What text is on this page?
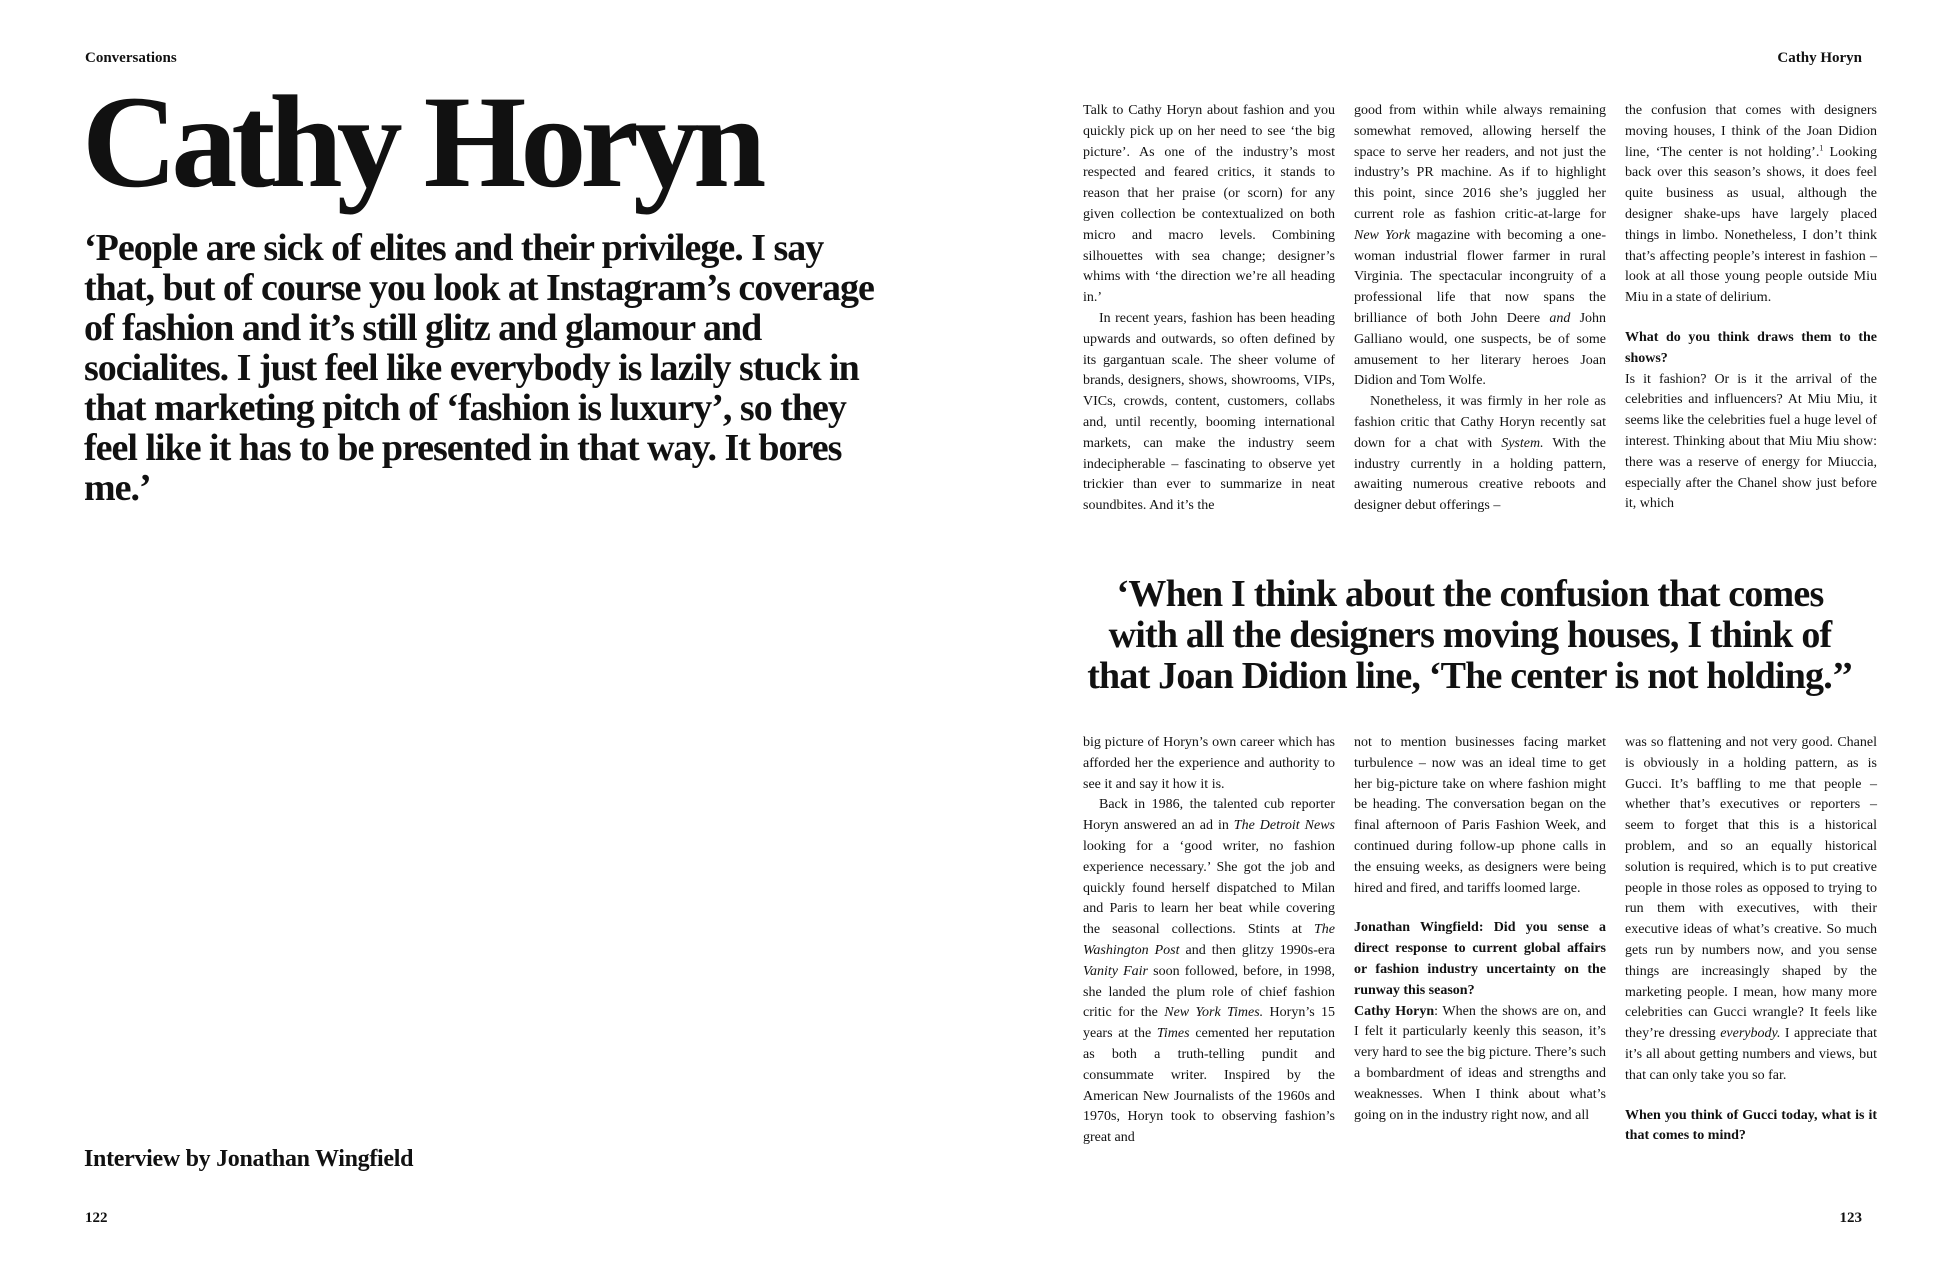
Conversations	Cathy Horyn
Cathy Horyn
‘People are sick of elites and their privilege. I say that, but of course you look at Instagram’s coverage of fashion and it’s still glitz and glamour and socialites. I just feel like everybody is lazily stuck in that marketing pitch of ‘fashion is luxury’, so they feel like it has to be presented in that way. It bores me.’
Interview by Jonathan Wingfield
122

Talk to Cathy Horyn about fashion and you quickly pick up on her need to see ‘the big picture’. As one of the industry’s most respected and feared critics, it stands to reason that her praise (or scorn) for any given collection be contextualized on both micro and macro levels. Combining silhouettes with sea change; designer’s whims with ‘the direction we’re all heading in.’

In recent years, fashion has been heading upwards and outwards, so often defined by its gargantuan scale. The sheer volume of brands, designers, shows, showrooms, VIPs, VICs, crowds, content, customers, collabs and, until recently, booming international markets, can make the industry seem indecipherable – fascinating to observe yet trickier than ever to summarize in neat soundbites. And it’s the

good from within while always remaining somewhat removed, allowing herself the space to serve her readers, and not just the industry’s PR machine. As if to highlight this point, since 2016 she’s juggled her current role as fashion critic-at-large for New York magazine with becoming a one-woman industrial flower farmer in rural Virginia. The spectacular incongruity of a professional life that now spans the brilliance of both John Deere and John Galliano would, one suspects, be of some amusement to her literary heroes Joan Didion and Tom Wolfe.

Nonetheless, it was firmly in her role as fashion critic that Cathy Horyn recently sat down for a chat with System. With the industry currently in a holding pattern, awaiting numerous creative reboots and designer debut offerings –

the confusion that comes with designers moving houses, I think of the Joan Didion line, ‘The center is not holding’.$^1$ Looking back over this season’s shows, it does feel quite business as usual, although the designer shake-ups have largely placed things in limbo. Nonetheless, I don’t think that’s affecting people’s interest in fashion – look at all those young people outside Miu Miu in a state of delirium.

What do you think draws them to the shows?

Is it fashion? Or is it the arrival of the celebrities and influencers? At Miu Miu, it seems like the celebrities fuel a huge level of interest. Thinking about that Miu Miu show: there was a reserve of energy for Miuccia, especially after the Chanel show just before it, which

‘When I think about the confusion that comes with all the designers moving houses, I think of that Joan Didion line, ‘The center is not holding.’’

big picture of Horyn’s own career which has afforded her the experience and authority to see it and say it how it is.

Back in 1986, the talented cub reporter Horyn answered an ad in The Detroit News looking for a ‘good writer, no fashion experience necessary.’ She got the job and quickly found herself dispatched to Milan and Paris to learn her beat while covering the seasonal collections. Stints at The Washington Post and then glitzy 1990s-era Vanity Fair soon followed, before, in 1998, she landed the plum role of chief fashion critic for the New York Times. Horyn’s 15 years at the Times cemented her reputation as both a truth-telling pundit and consummate writer. Inspired by the American New Journalists of the 1960s and 1970s, Horyn took to observing fashion’s great and

not to mention businesses facing market turbulence – now was an ideal time to get her big-picture take on where fashion might be heading. The conversation began on the final afternoon of Paris Fashion Week, and continued during follow-up phone calls in the ensuing weeks, as designers were being hired and fired, and tariffs loomed large.

Jonathan Wingfield: Did you sense a direct response to current global affairs or fashion industry uncertainty on the runway this season?

Cathy Horyn: When the shows are on, and I felt it particularly keenly this season, it’s very hard to see the big picture. There’s such a bombardment of ideas and strengths and weaknesses. When I think about what’s going on in the industry right now, and all

was so flattening and not very good. Chanel is obviously in a holding pattern, as is Gucci. It’s baffling to me that people – whether that’s executives or reporters – seem to forget that this is a historical problem, and so an equally historical solution is required, which is to put creative people in those roles as opposed to trying to run them with executives, with their executive ideas of what’s creative. So much gets run by numbers now, and you sense things are increasingly shaped by the marketing people. I mean, how many more celebrities can Gucci wrangle? It feels like they’re dressing everybody. I appreciate that it’s all about getting numbers and views, but that can only take you so far.

When you think of Gucci today, what is it that comes to mind?

123
